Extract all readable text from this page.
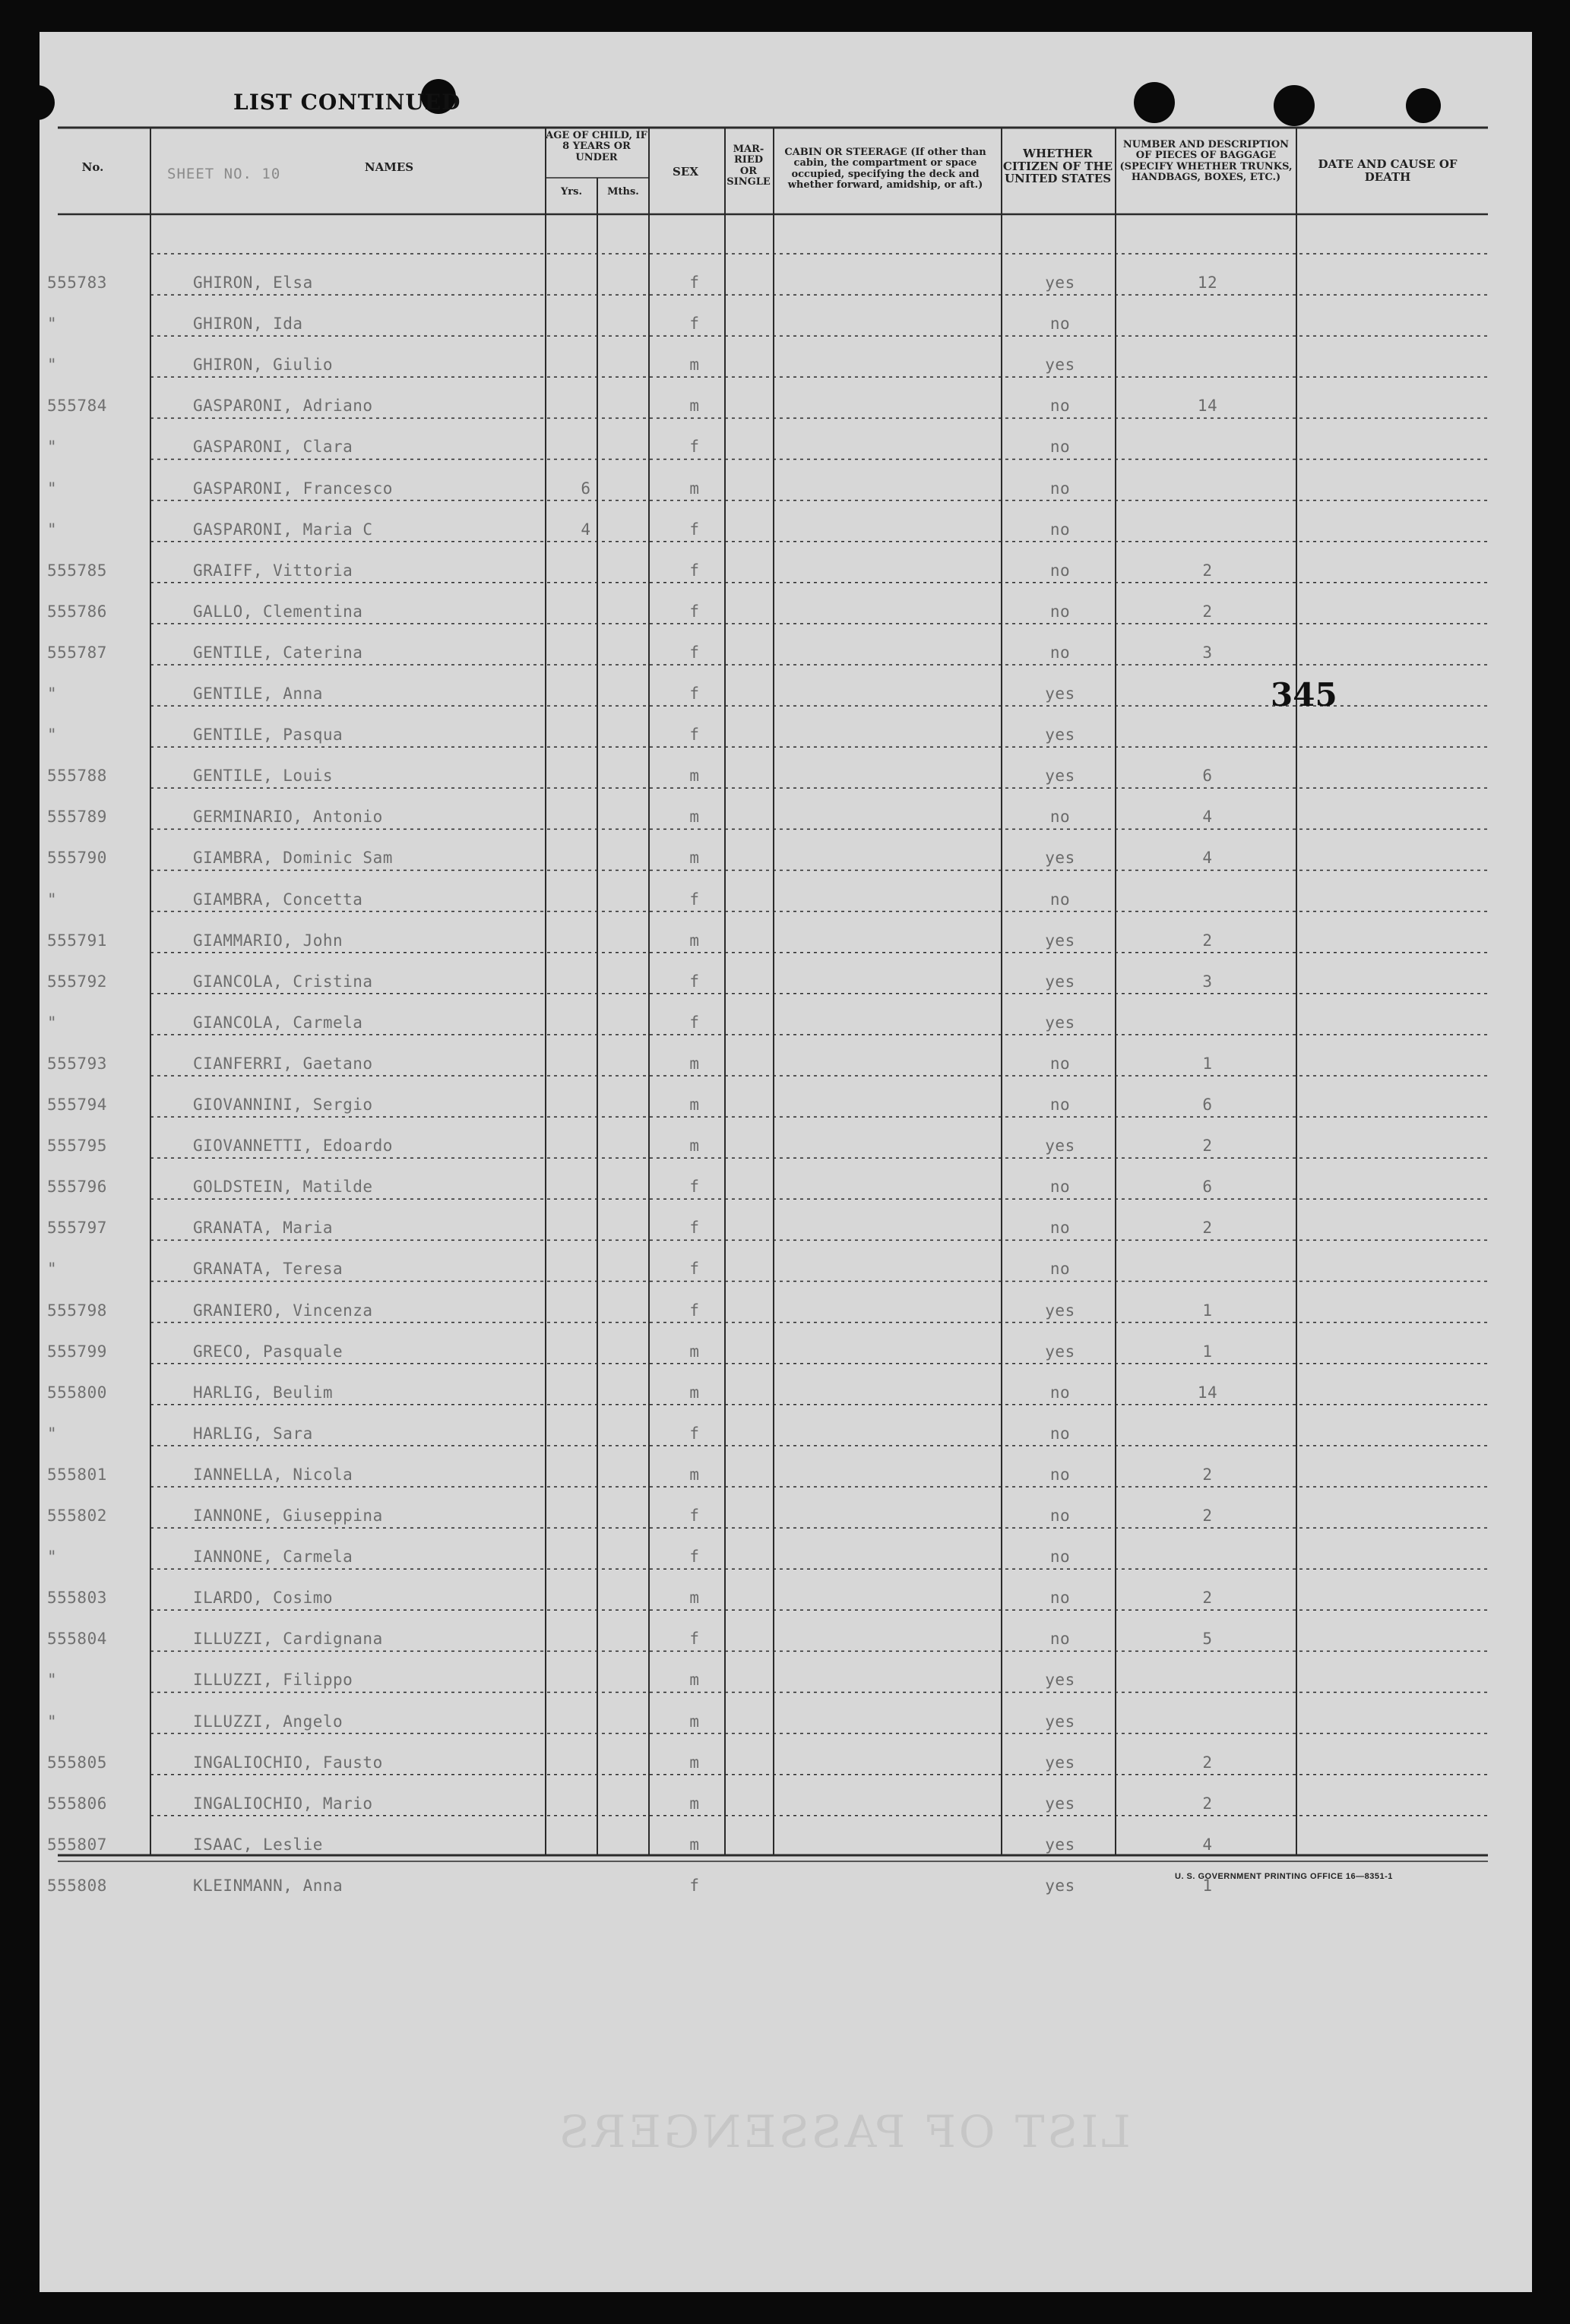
LIST CONTINUED
No.	SHEET NO. 10	NAMES
AGE OF CHILD, IF 8 YEARS OR UNDER
Yrs.	Mths.
SEX
MAR- RIED OR SINGLE
CABIN OR STEERAGE (If other than cabin, the compartment or space occupied, specifying the deck and whether forward, amidship, or aft.)
WHETHER CITIZEN OF THE UNITED STATES
NUMBER AND DESCRIPTION OF PIECES OF BAGGAGE (SPECIFY WHETHER TRUNKS, HANDBAGS, BOXES, ETC.)
DATE AND CAUSE OF DEATH
555783	GHIRON, Elsa	f	yes	12
"	GHIRON, Ida	f	no
"	GHIRON, Giulio	m	yes
555784	GASPARONI, Adriano	m	no	14
"	GASPARONI, Clara	f	no
"	GASPARONI, Francesco	6	m	no
"	GASPARONI, Maria C	4	f	no
555785	GRAIFF, Vittoria	f	no	2
555786	GALLO, Clementina	f	no	2
555787	GENTILE, Caterina	f	no	3
"	GENTILE, Anna	f	yes
"	GENTILE, Pasqua	f	yes
555788	GENTILE, Louis	m	yes	6
555789	GERMINARIO, Antonio	m	no	4
555790	GIAMBRA, Dominic Sam	m	yes	4
"	GIAMBRA, Concetta	f	no
555791	GIAMMARIO, John	m	yes	2
555792	GIANCOLA, Cristina	f	yes	3
"	GIANCOLA, Carmela	f	yes
555793	CIANFERRI, Gaetano	m	no	1
555794	GIOVANNINI, Sergio	m	no	6
555795	GIOVANNETTI, Edoardo	m	yes	2
555796	GOLDSTEIN, Matilde	f	no	6
555797	GRANATA, Maria	f	no	2
"	GRANATA, Teresa	f	no
555798	GRANIERO, Vincenza	f	yes	1
555799	GRECO, Pasquale	m	yes	1
555800	HARLIG, Beulim	m	no	14
"	HARLIG, Sara	f	no
555801	IANNELLA, Nicola	m	no	2
555802	IANNONE, Giuseppina	f	no	2
"	IANNONE, Carmela	f	no
555803	ILARDO, Cosimo	m	no	2
555804	ILLUZZI, Cardignana	f	no	5
"	ILLUZZI, Filippo	m	yes
"	ILLUZZI, Angelo	m	yes
555805	INGALIOCHIO, Fausto	m	yes	2
555806	INGALIOCHIO, Mario	m	yes	2
555807	ISAAC, Leslie	m	yes	4
555808	KLEINMANN, Anna	f	yes	1
345
U. S. GOVERNMENT PRINTING OFFICE 16—8351-1
LIST OF PASSENGERS
